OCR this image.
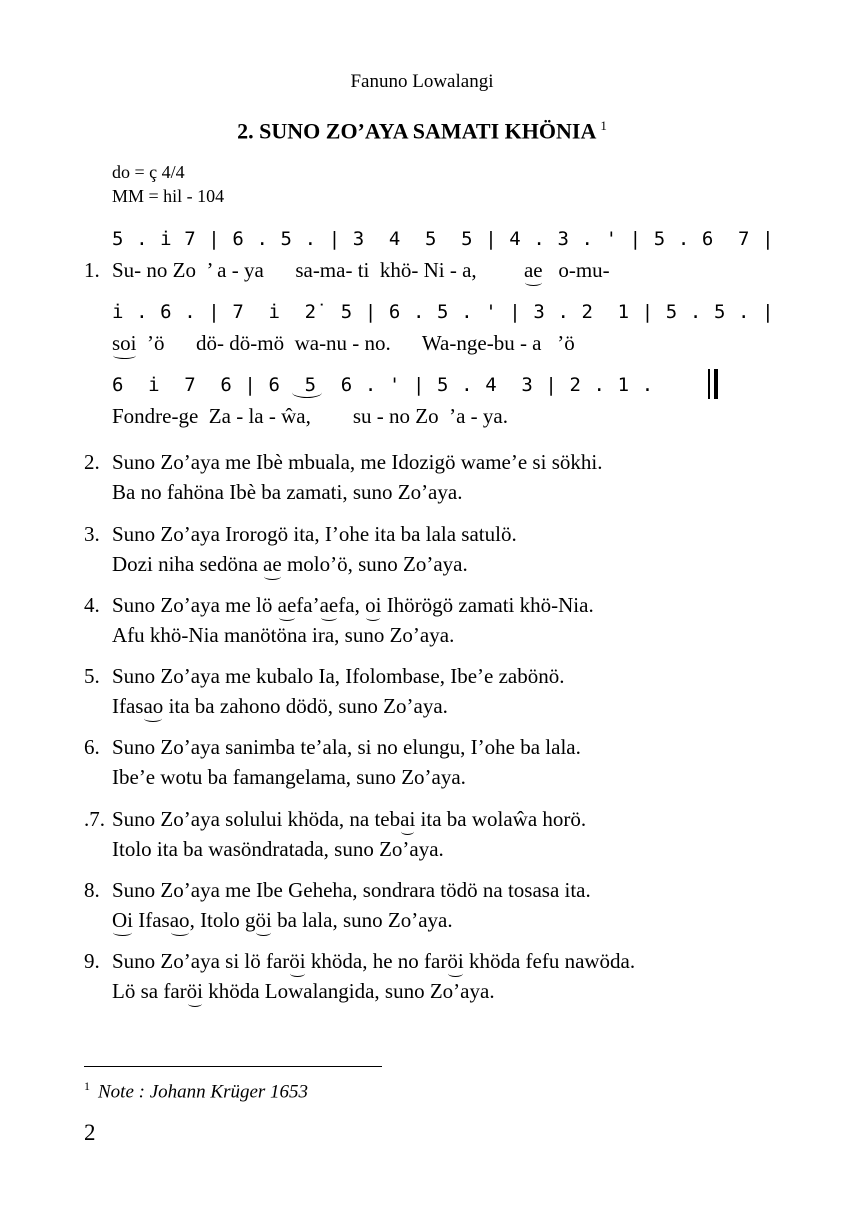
Fanuno Lowalangi
2. SUNO ZO’AYA SAMATI KHÖNIA $^1$
do = ç 4/4
MM = hil - 104
5 . i̇ 7 | 6 . 5 . | 3  4  5  5 | 4 . 3 . ' | 5 . 6  7 |
1. Su- no Zo  ’ a - ya      sa-ma- ti  khö- Ni - a,         ae   o-mu-
i̇ . 6 . | 7  i̇  2̇  5 | 6 . 5 . ' | 3 . 2  1 | 5 . 5 . |
soi  ’ö      dö- dö-mö  wa-nu - no.      Wa-nge-bu - a   ’ö
6  i̇  7  6 | 6  5  6 . ' | 5 . 4  3 | 2 . 1 .
Fondre-ge  Za - la - ŵa,        su - no Zo  ’a - ya.
2. Suno Zo’aya me Ibè mbuala, me Idozigö wame’e si sökhi.
Ba no fahöna Ibè ba zamati, suno Zo’aya.
3. Suno Zo’aya Irorogö ita, I’ohe ita ba lala satulö.
Dozi niha sedöna ae molo’ö, suno Zo’aya.
4. Suno Zo’aya me lö aefa’aefa, oi Ihörögö zamati khö-Nia.
Afu khö-Nia manötöna ira, suno Zo’aya.
5. Suno Zo’aya me kubalo Ia, Ifolombase, Ibe’e zabönö.
Ifasao ita ba zahono dödö, suno Zo’aya.
6. Suno Zo’aya sanimba te’ala, si no elungu, I’ohe ba lala.
Ibe’e wotu ba famangelama, suno Zo’aya.
.7. Suno Zo’aya solului khöda, na tebai ita ba wolaŵa horö.
Itolo ita ba wasöndratada, suno Zo’aya.
8. Suno Zo’aya me Ibe Geheha, sondrara tödö na tosasa ita.
Oi Ifasao, Itolo göi ba lala, suno Zo’aya.
9. Suno Zo’aya si lö faröi khöda, he no faröi khöda fefu nawöda.
Lö sa faröi khöda Lowalangida, suno Zo’aya.
$^1$ Note : Johann Krüger 1653
2
